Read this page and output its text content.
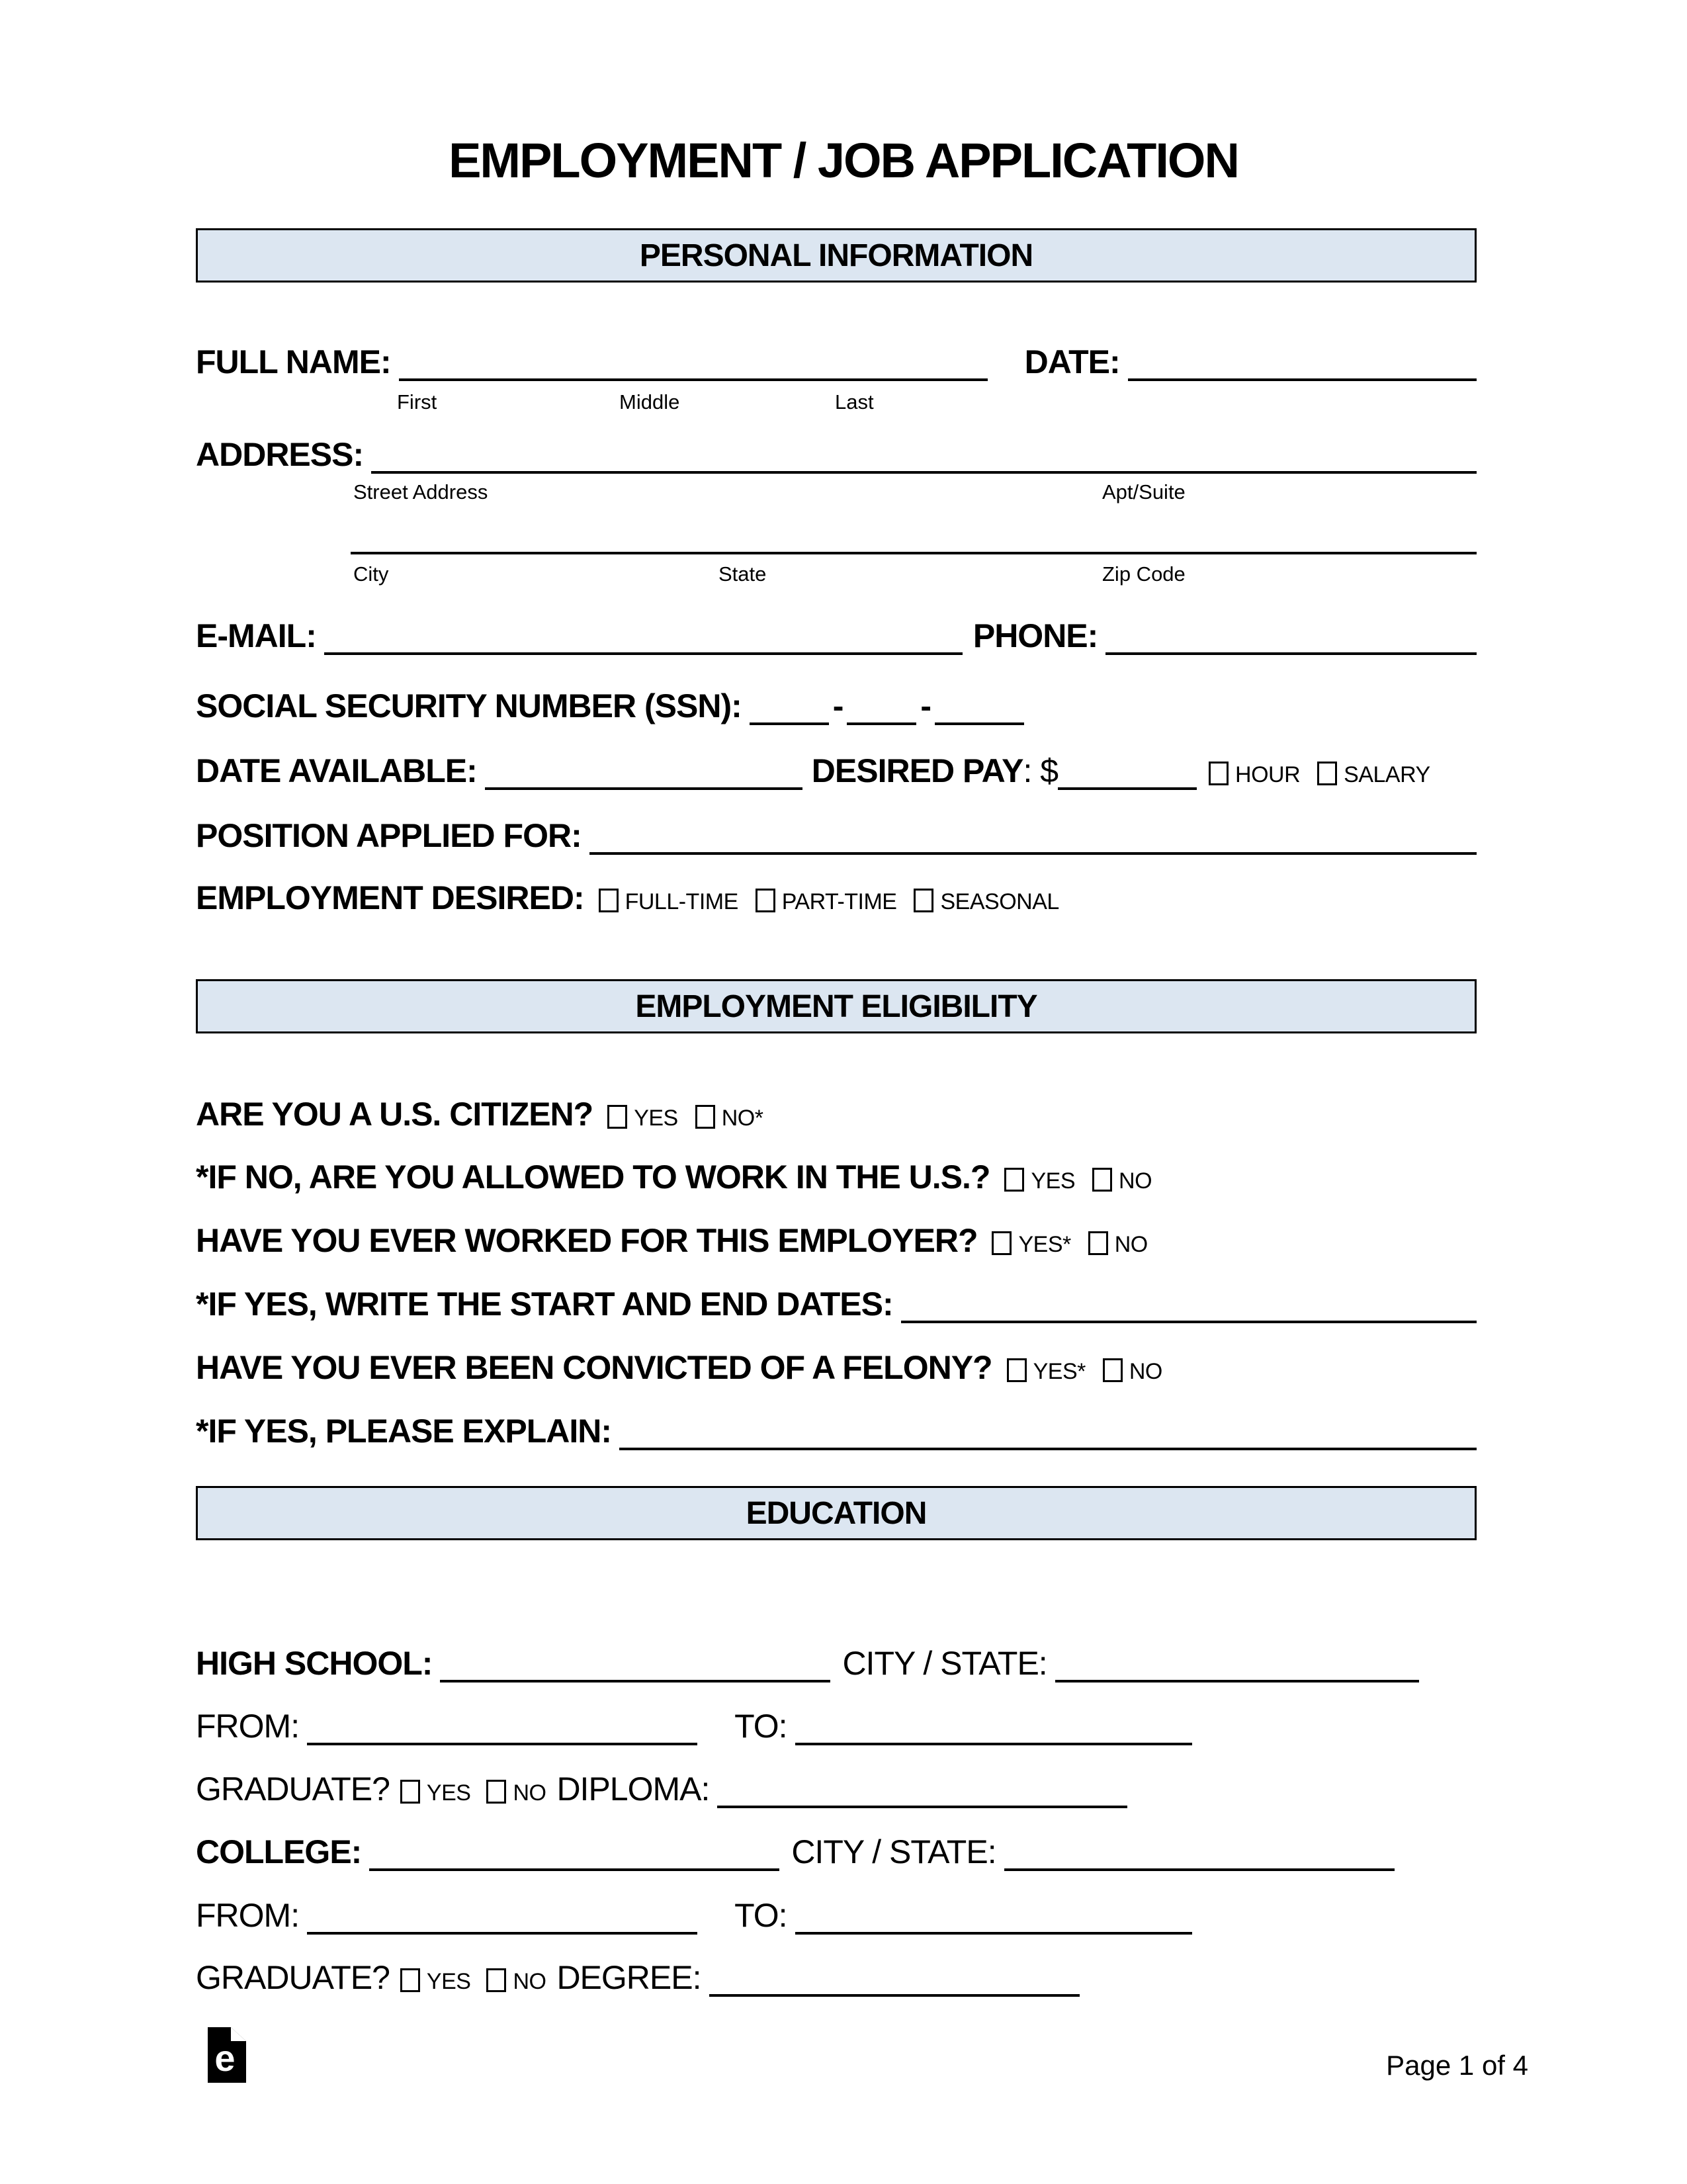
EMPLOYMENT / JOB APPLICATION
PERSONAL INFORMATION
FULL NAME:	DATE:
First	Middle	Last
ADDRESS:
Street Address	Apt/Suite
City	State	Zip Code
E-MAIL:	PHONE:
SOCIAL SECURITY NUMBER (SSN):	- -
DATE AVAILABLE:	DESIRED PAY : $	HOUR SALARY
POSITION APPLIED FOR:
EMPLOYMENT DESIRED: FULL-TIME PART-TIME SEASONAL
EMPLOYMENT ELIGIBILITY
ARE YOU A U.S. CITIZEN? YES NO*
*IF NO, ARE YOU ALLOWED TO WORK IN THE U.S.? YES NO
HAVE YOU EVER WORKED FOR THIS EMPLOYER? YES* NO
*IF YES, WRITE THE START AND END DATES:
HAVE YOU EVER BEEN CONVICTED OF A FELONY? YES* NO
*IF YES, PLEASE EXPLAIN:
EDUCATION
HIGH SCHOOL:	CITY / STATE:
FROM:	TO:
GRADUATE? YES NO DIPLOMA:
COLLEGE:	CITY / STATE:
FROM:	TO:
GRADUATE? YES NO DEGREE:
e	Page 1 of 4
